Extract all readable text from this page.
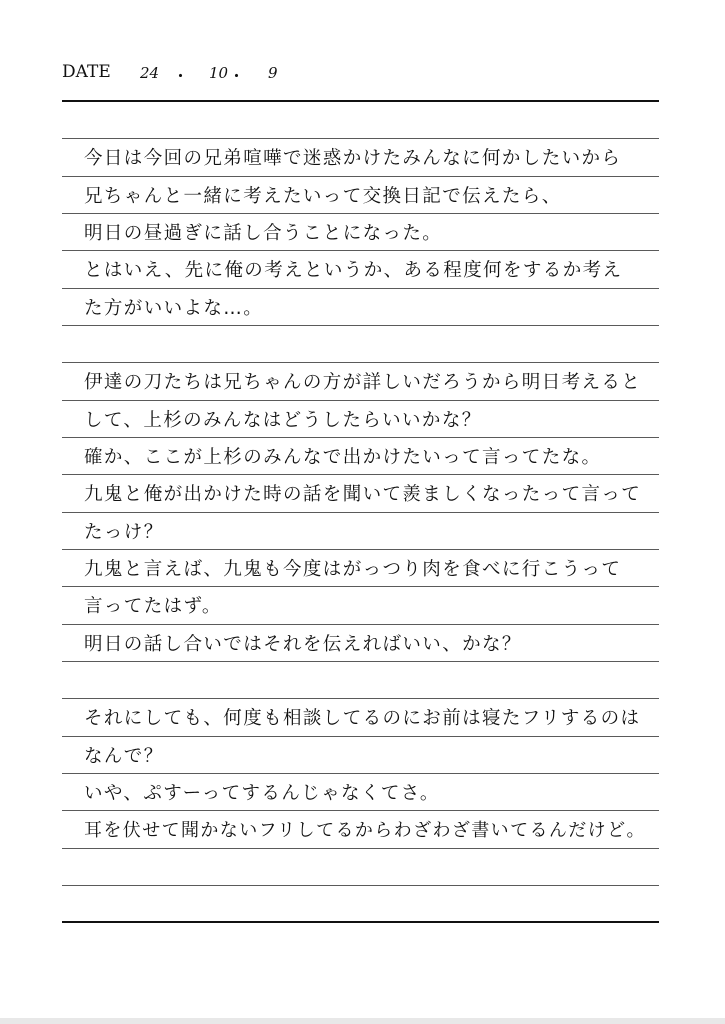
DATE 24 ・ 10 ・ 9
今日は今回の兄弟喧嘩で迷惑かけたみんなに何かしたいから
兄ちゃんと一緒に考えたいって交換日記で伝えたら、
明日の昼過ぎに話し合うことになった。
とはいえ、先に俺の考えというか、ある程度何をするか考え
た方がいいよな…。
伊達の刀たちは兄ちゃんの方が詳しいだろうから明日考えると
して、上杉のみんなはどうしたらいいかな？
確か、ここが上杉のみんなで出かけたいって言ってたな。
九鬼と俺が出かけた時の話を聞いて羨ましくなったって言って
たっけ？
九鬼と言えば、九鬼も今度はがっつり肉を食べに行こうって
言ってたはず。
明日の話し合いではそれを伝えればいい、かな？
それにしても、何度も相談してるのにお前は寝たフリするのは
なんで？
いや、ぷすーってするんじゃなくてさ。
耳を伏せて聞かないフリしてるからわざわざ書いてるんだけど。
